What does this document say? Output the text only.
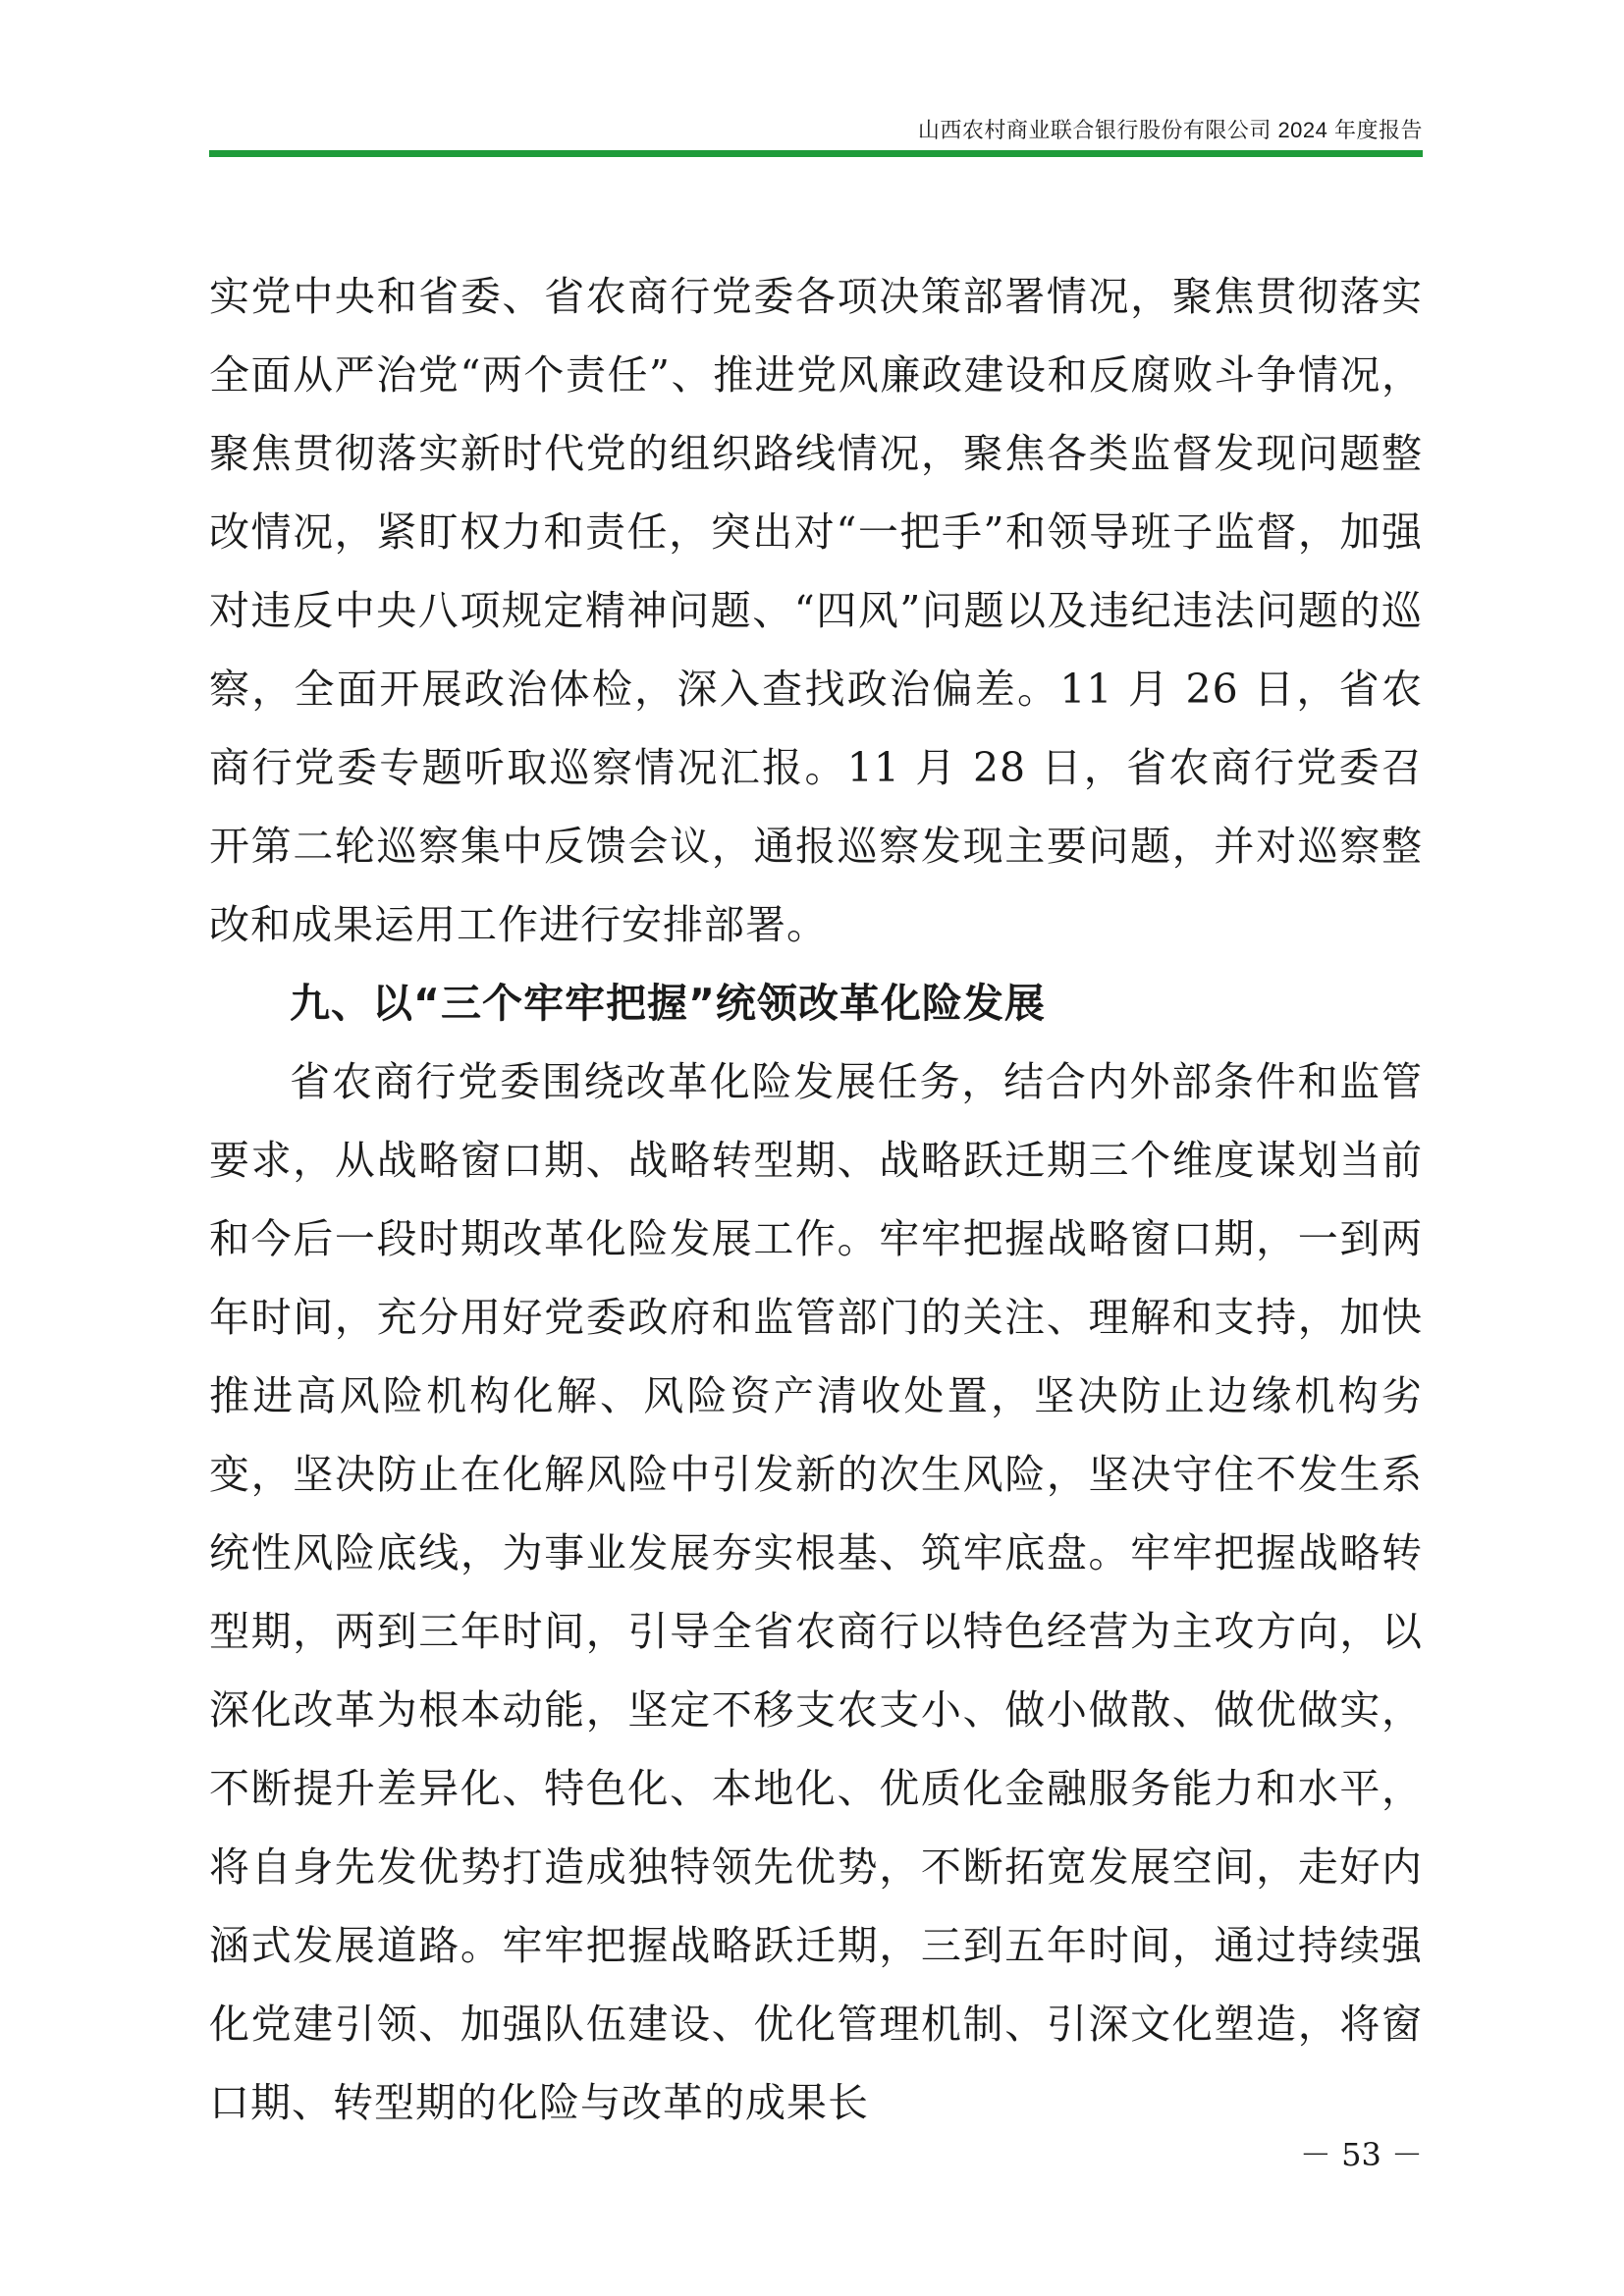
山西农村商业联合银行股份有限公司 2024 年度报告

实党中央和省委、省农商行党委各项决策部署情况，聚焦贯彻落实全面从严治党“两个责任”、推进党风廉政建设和反腐败斗争情况，聚焦贯彻落实新时代党的组织路线情况，聚焦各类监督发现问题整改情况，紧盯权力和责任，突出对“一把手”和领导班子监督，加强对违反中央八项规定精神问题、“四风”问题以及违纪违法问题的巡察，全面开展政治体检，深入查找政治偏差。11 月 26 日，省农商行党委专题听取巡察情况汇报。11 月 28 日，省农商行党委召开第二轮巡察集中反馈会议，通报巡察发现主要问题，并对巡察整改和成果运用工作进行安排部署。

九、以“三个牢牢把握”统领改革化险发展

省农商行党委围绕改革化险发展任务，结合内外部条件和监管要求，从战略窗口期、战略转型期、战略跃迁期三个维度谋划当前和今后一段时期改革化险发展工作。牢牢把握战略窗口期，一到两年时间，充分用好党委政府和监管部门的关注、理解和支持，加快推进高风险机构化解、风险资产清收处置，坚决防止边缘机构劣变，坚决防止在化解风险中引发新的次生风险，坚决守住不发生系统性风险底线，为事业发展夯实根基、筑牢底盘。牢牢把握战略转型期，两到三年时间，引导全省农商行以特色经营为主攻方向，以深化改革为根本动能，坚定不移支农支小、做小做散、做优做实，不断提升差异化、特色化、本地化、优质化金融服务能力和水平，将自身先发优势打造成独特领先优势，不断拓宽发展空间，走好内涵式发展道路。牢牢把握战略跃迁期，三到五年时间，通过持续强化党建引领、加强队伍建设、优化管理机制、引深文化塑造，将窗口期、转型期的化险与改革的成果长

－ 53 －
